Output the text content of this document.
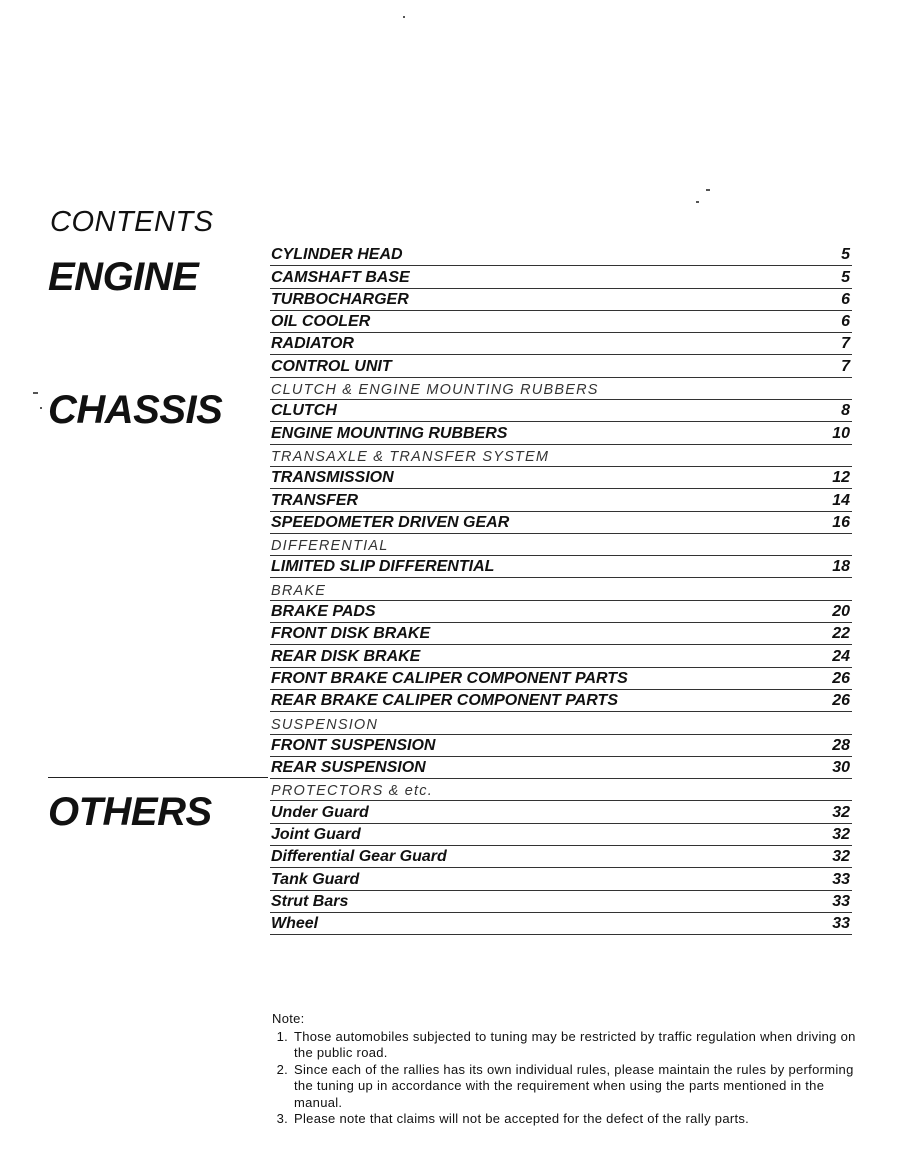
CONTENTS
ENGINE
CHASSIS
OTHERS
CYLINDER HEAD	5
CAMSHAFT BASE	5
TURBOCHARGER	6
OIL COOLER	6
RADIATOR	7
CONTROL UNIT	7
CLUTCH & ENGINE MOUNTING RUBBERS
CLUTCH	8
ENGINE MOUNTING RUBBERS	10
TRANSAXLE & TRANSFER SYSTEM
TRANSMISSION	12
TRANSFER	14
SPEEDOMETER DRIVEN GEAR	16
DIFFERENTIAL
LIMITED SLIP DIFFERENTIAL	18
BRAKE
BRAKE PADS	20
FRONT DISK BRAKE	22
REAR DISK BRAKE	24
FRONT BRAKE CALIPER COMPONENT PARTS	26
REAR BRAKE CALIPER COMPONENT PARTS	26
SUSPENSION
FRONT SUSPENSION	28
REAR SUSPENSION	30
PROTECTORS & etc.
Under Guard	32
Joint Guard	32
Differential Gear Guard	32
Tank Guard	33
Strut Bars	33
Wheel	33
Note:
1. Those automobiles subjected to tuning may be restricted by traffic regulation when driving on the public road.
2. Since each of the rallies has its own individual rules, please maintain the rules by performing the tuning up in accordance with the requirement when using the parts mentioned in the manual.
3. Please note that claims will not be accepted for the defect of the rally parts.
